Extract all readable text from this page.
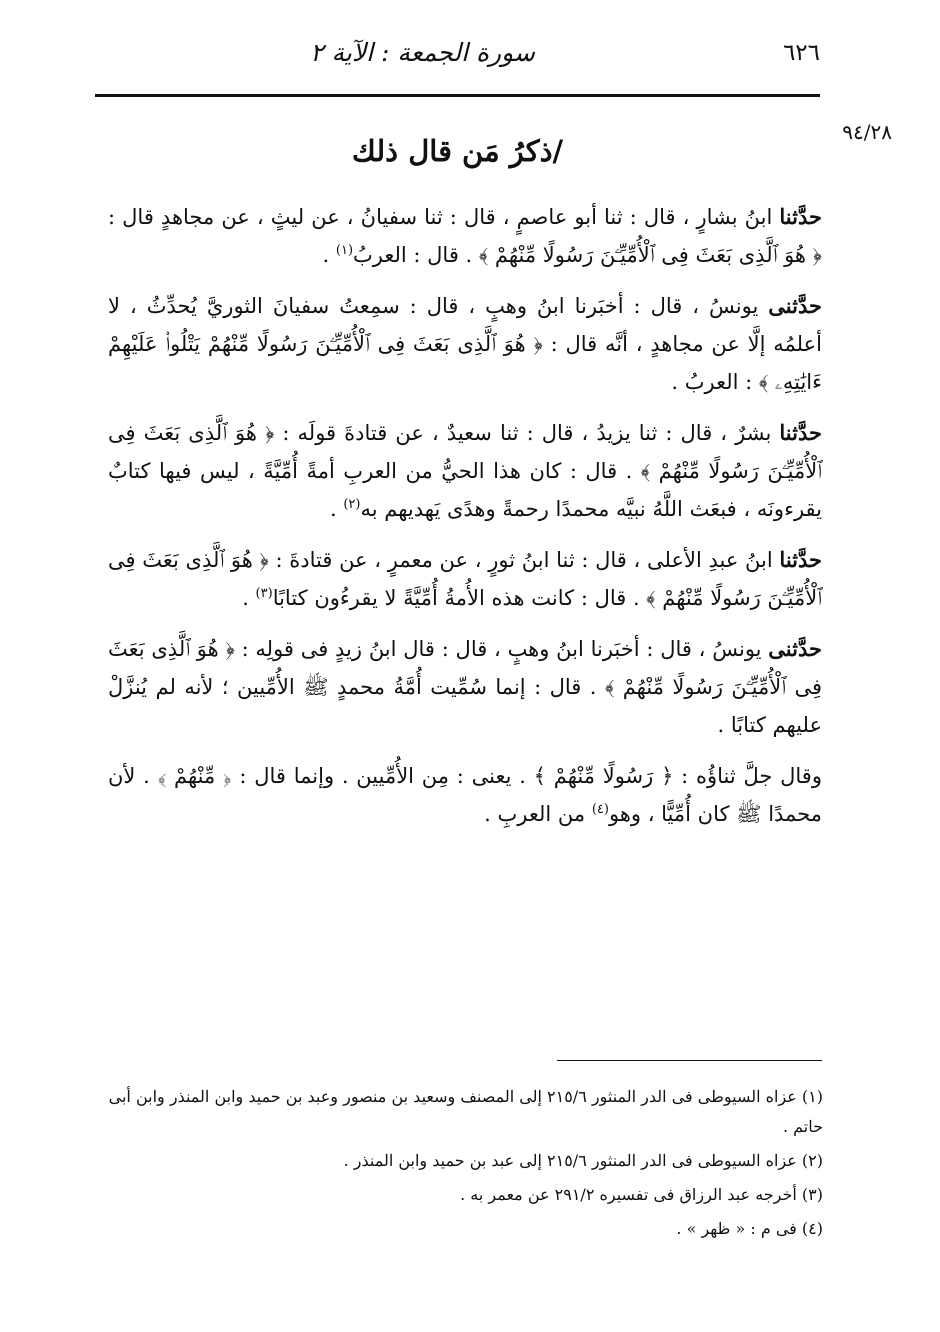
٦٢٦
سورة الجمعة : الآية ٢
٩٤/٢٨
/ذكرُ مَن قال ذلك

حدَّثنا ابنُ بشارٍ ، قال : ثنا أبو عاصمٍ ، قال : ثنا سفيانُ ، عن ليثٍ ، عن مجاهدٍ قال : ﴿ هُوَ ٱلَّذِى بَعَثَ فِى ٱلْأُمِّيِّـۧنَ رَسُولًا مِّنْهُمْ ﴾ . قال : العربُ$^{(١)}$ .

حدَّثنى يونسُ ، قال : أخبَرنا ابنُ وهبٍ ، قال : سمِعتُ سفيانَ الثوريَّ يُحدِّثُ ، لا أعلمُه إلَّا عن مجاهدٍ ، أنَّه قال : ﴿ هُوَ ٱلَّذِى بَعَثَ فِى ٱلْأُمِّيِّـۧنَ رَسُولًا مِّنْهُمْ يَتْلُوا۟ عَلَيْهِمْ ءَايَٰتِهِۦ ﴾ : العربُ .

حدَّثنا بشرٌ ، قال : ثنا يزيدُ ، قال : ثنا سعيدٌ ، عن قتادةَ قولَه : ﴿ هُوَ ٱلَّذِى بَعَثَ فِى ٱلْأُمِّيِّـۧنَ رَسُولًا مِّنْهُمْ ﴾ . قال : كان هذا الحيُّ من العربِ أمةً أُمِّيَّةً ، ليس فيها كتابٌ يقرءونَه ، فبعَث اللَّهُ نبيَّه محمدًا رحمةً وهدًى يَهديهم به$^{(٢)}$ .

حدَّثنا ابنُ عبدِ الأعلى ، قال : ثنا ابنُ ثورٍ ، عن معمرٍ ، عن قتادةَ : ﴿ هُوَ ٱلَّذِى بَعَثَ فِى ٱلْأُمِّيِّـۧنَ رَسُولًا مِّنْهُمْ ﴾ . قال : كانت هذه الأُمةُ أُمِّيَّةً لا يقرءُون كتابًا$^{(٣)}$ .

حدَّثنى يونسُ ، قال : أخبَرنا ابنُ وهبٍ ، قال : قال ابنُ زيدٍ فى قولِه : ﴿ هُوَ ٱلَّذِى بَعَثَ فِى ٱلْأُمِّيِّـۧنَ رَسُولًا مِّنْهُمْ ﴾ . قال : إنما سُمِّيت أُمَّةُ محمدٍ ﷺ الأُمِّيين ؛ لأنه لم يُنزَّلْ عليهم كتابًا .

وقال جلَّ ثناؤُه : ﴿ رَسُولًا مِّنْهُمْ ﴾ . يعنى : مِن الأُمِّيين . وإنما قال : ﴿ مِّنْهُمْ ﴾ . لأن محمدًا ﷺ كان أُمِّيًّا ، وهو$^{(٤)}$ من العربِ .

(١) عزاه السيوطى فى الدر المنثور ٢١٥/٦ إلى المصنف وسعيد بن منصور وعبد بن حميد وابن المنذر وابن أبى حاتم .

(٢) عزاه السيوطى فى الدر المنثور ٢١٥/٦ إلى عبد بن حميد وابن المنذر .

(٣) أخرجه عبد الرزاق فى تفسيره ٢٩١/٢ عن معمر به .

(٤) فى م : « ظهر » .
